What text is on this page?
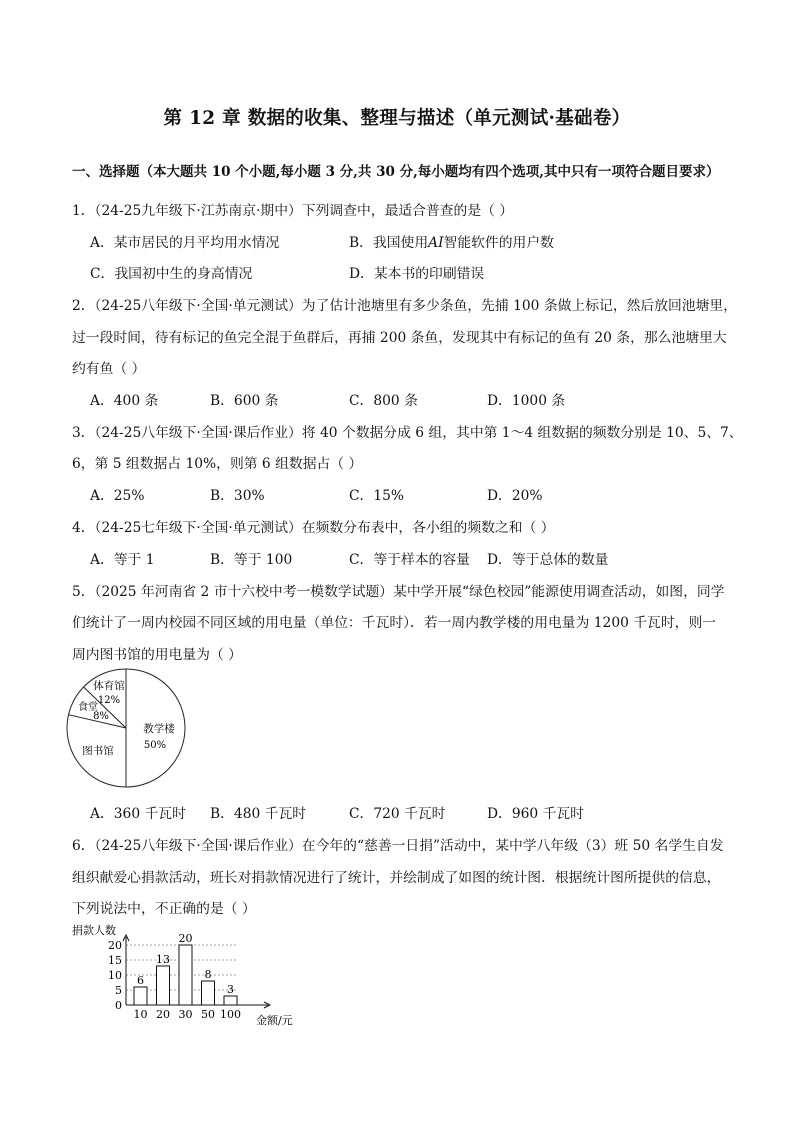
第 12 章 数据的收集、整理与描述（单元测试·基础卷）
一、选择题（本大题共 10 个小题,每小题 3 分,共 30 分,每小题均有四个选项,其中只有一项符合题目要求）
1．（24-25九年级下·江苏南京·期中）下列调查中，最适合普查的是（ ）
A．某市居民的月平均用水情况	B．我国使用AI智能软件的用户数
C．我国初中生的身高情况	D．某本书的印刷错误
2．（24-25八年级下·全国·单元测试）为了估计池塘里有多少条鱼，先捕 100 条做上标记，然后放回池塘里，
过一段时间，待有标记的鱼完全混于鱼群后，再捕 200 条鱼，发现其中有标记的鱼有 20 条，那么池塘里大
约有鱼（ ）
A．400 条	B．600 条	C．800 条	D．1000 条
3．（24-25八年级下·全国·课后作业）将 40 个数据分成 6 组，其中第 1～4 组数据的频数分别是 10、5、7、
6，第 5 组数据占 10%，则第 6 组数据占（ ）
A．25%	B．30%	C．15%	D．20%
4．（24-25七年级下·全国·单元测试）在频数分布表中，各小组的频数之和（ ）
A．等于 1	B．等于 100	C．等于样本的容量 D．等于总体的数量
5．（2025 年河南省 2 市十六校中考一模数学试题）某中学开展“绿色校园”能源使用调查活动，如图，同学
们统计了一周内校园不同区域的用电量（单位：千瓦时）．若一周内教学楼的用电量为 1200 千瓦时，则一
周内图书馆的用电量为（ ）
体育馆
12%
食堂
8%
图书馆
教学楼
50%
A．360 千瓦时 B．480 千瓦时	C．720 千瓦时	D．960 千瓦时
6．（24-25八年级下·全国·课后作业）在今年的“慈善一日捐”活动中，某中学八年级（3）班 50 名学生自发
组织献爱心捐款活动，班长对捐款情况进行了统计，并绘制成了如图的统计图．根据统计图所提供的信息，
下列说法中，不正确的是（ ）
捐款人数
金额/元
0
5
10
15
20
6
10
13
20
20
30
8
50
3
100
